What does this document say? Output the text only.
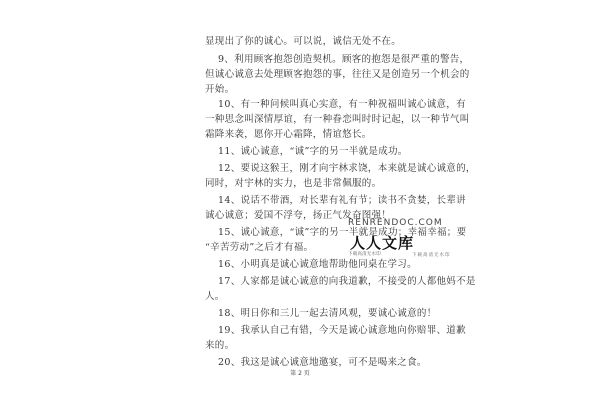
显现出了你的诚心。可以说，诚信无处不在。
9、利用顾客抱怨创造契机。顾客的抱怨是很严重的警告，
但诚心诚意去处理顾客抱怨的事，往往又是创造另一个机会的
开始。
10、有一种问候叫真心实意，有一种祝福叫诚心诚意，有
一种思念叫深情厚谊，有一种眷恋叫时时记起，以一种节气叫
霜降来袭，愿你开心霜降，情谊悠长。
11、诚心诚意，“诚”字的另一半就是成功。
12、要说这猴王，刚才向宇林求饶，本来就是诚心诚意的，
同时，对宇林的实力，也是非常佩服的。
14、说话不带酒，对长辈有礼有节；读书不贪婪，长辈讲
诚心诚意；爱国不浮夸，扬正气发奋图强！
15、诚心诚意，“诚”字的另一半就是成功；幸福幸福；要
“辛苦劳动”之后才有福。
16、小明真是诚心诚意地帮助他同桌在学习。
17、人家都是诚心诚意的向我道歉，不接受的人都他妈不是
人。
18、明日你和三儿一起去清风观，要诚心诚意的！
19、我承认自己有错，今天是诚心诚意地向你赔罪、道歉
来的。
20、我这是诚心诚意地邀宴，可不是喝来之食。
RENRENDOC.COM
人人文库
下载高清无水印	下载高清无水印
第 2 页
